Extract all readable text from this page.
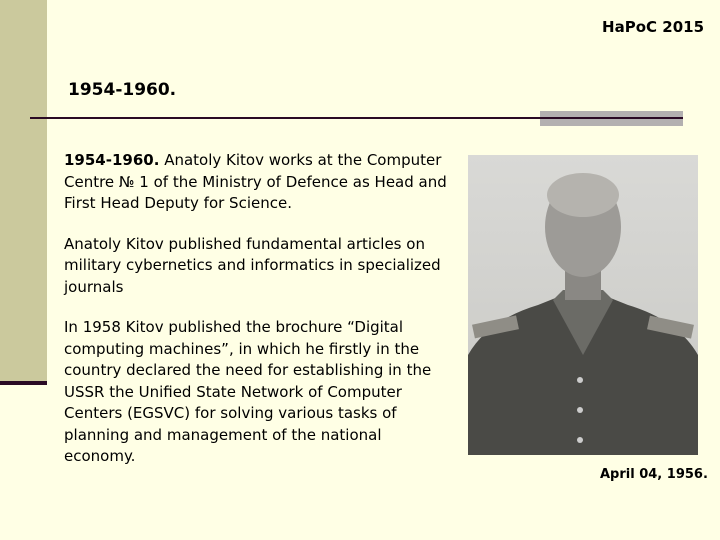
HaPoC 2015
1954-1960.

1954-1960. Anatoly Kitov works at the Computer Centre № 1 of the Ministry of Defence as Head and First Head Deputy for Science.

Anatoly Kitov published fundamental articles on military cybernetics and informatics in specialized journals

In 1958 Kitov published the brochure “Digital computing machines”, in which he firstly in the country declared the need for establishing in the USSR the Unified State Network of Computer Centers (EGSVC) for solving various tasks of planning and management of the national economy.

April 04, 1956.
